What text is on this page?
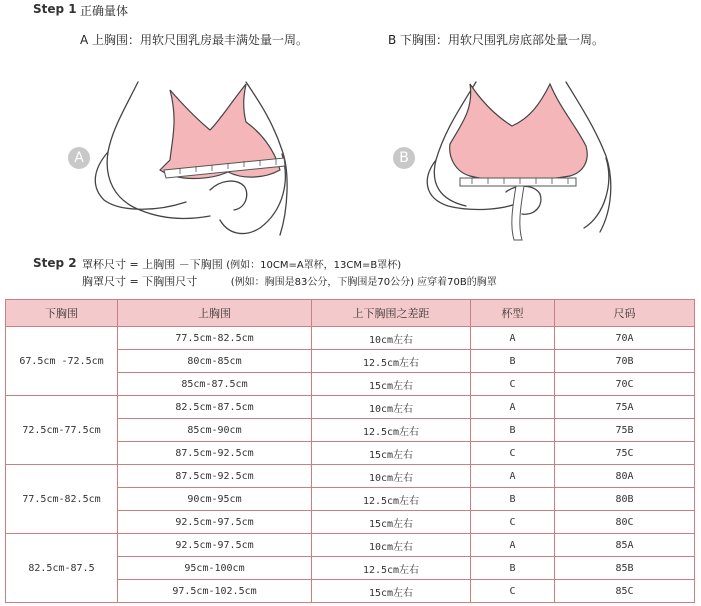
Step 1 正确量体
A 上胸围：用软尺围乳房最丰满处量一周。	B 下胸围：用软尺围乳房底部处量一周。
A	B
Step 2 罩杯尺寸 = 上胸围 －下胸围 (例如：10CM=A罩杯，13CM=B罩杯)
胸罩尺寸 = 下胸围尺寸	(例如：胸围是83公分，下胸围是70公分) 应穿着70B的胸罩
下胸围	上胸围	上下胸围之差距	杯型	尺码
67.5cm -72.5cm	77.5cm-82.5cm	10cm左右	A	70A
	80cm-85cm	12.5cm左右	B	70B
	85cm-87.5cm	15cm左右	C	70C
72.5cm-77.5cm	82.5cm-87.5cm	10cm左右	A	75A
	85cm-90cm	12.5cm左右	B	75B
	87.5cm-92.5cm	15cm左右	C	75C
77.5cm-82.5cm	87.5cm-92.5cm	10cm左右	A	80A
	90cm-95cm	12.5cm左右	B	80B
	92.5cm-97.5cm	15cm左右	C	80C
82.5cm-87.5	92.5cm-97.5cm	10cm左右	A	85A
	95cm-100cm	12.5cm左右	B	85B
	97.5cm-102.5cm	15cm左右	C	85C
